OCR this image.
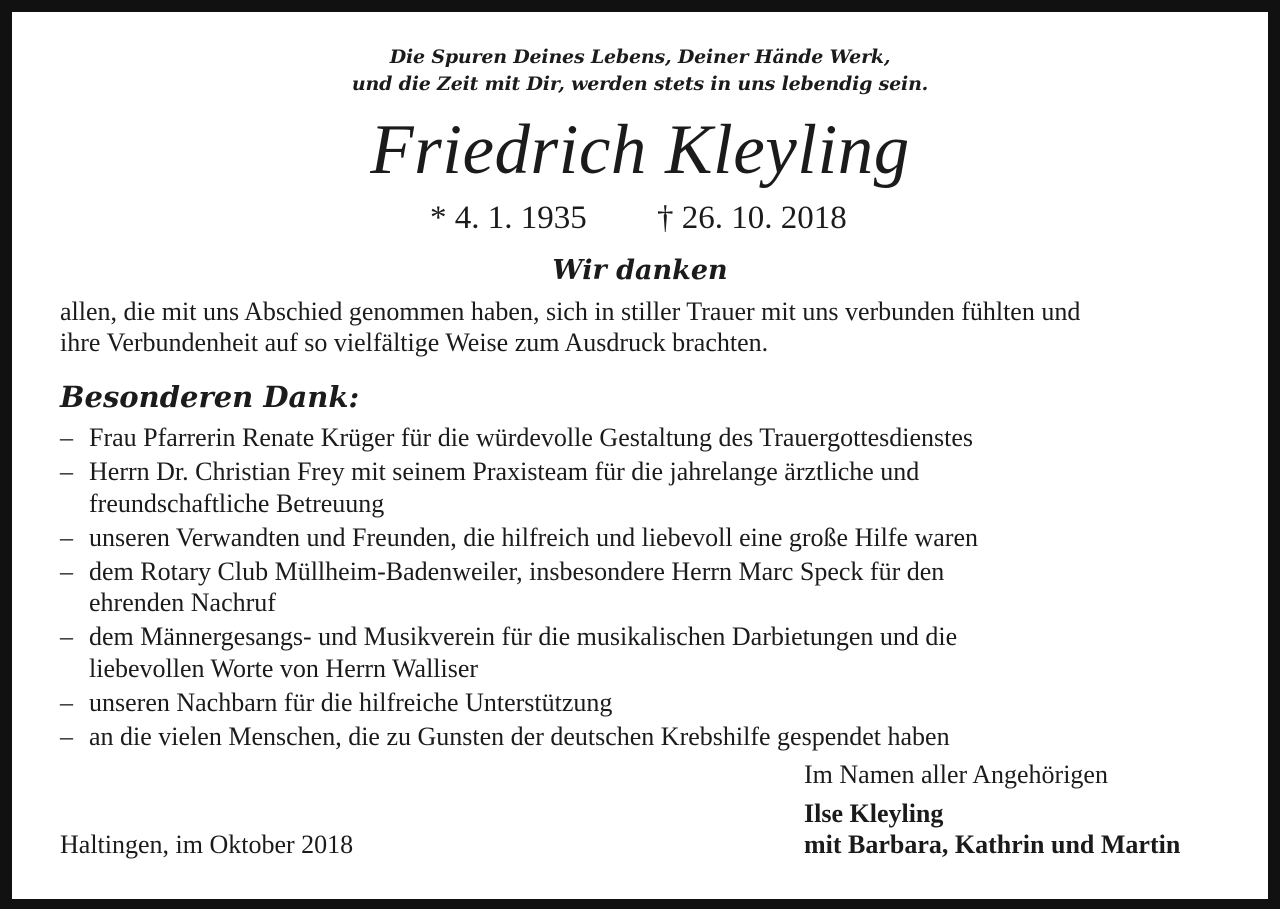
Die Spuren Deines Lebens, Deiner Hände Werk,
und die Zeit mit Dir, werden stets in uns lebendig sein.
Friedrich Kleyling
* 4. 1. 1935 † 26. 10. 2018
Wir danken
allen, die mit uns Abschied genommen haben, sich in stiller Trauer mit uns verbunden fühlten und
ihre Verbundenheit auf so vielfältige Weise zum Ausdruck brachten.
Besonderen Dank:
– Frau Pfarrerin Renate Krüger für die würdevolle Gestaltung des Trauergottesdienstes
– Herrn Dr. Christian Frey mit seinem Praxisteam für die jahrelange ärztliche und
freundschaftliche Betreuung
– unseren Verwandten und Freunden, die hilfreich und liebevoll eine große Hilfe waren
– dem Rotary Club Müllheim-Badenweiler, insbesondere Herrn Marc Speck für den
ehrenden Nachruf
– dem Männergesangs- und Musikverein für die musikalischen Darbietungen und die
liebevollen Worte von Herrn Walliser
– unseren Nachbarn für die hilfreiche Unterstützung
– an die vielen Menschen, die zu Gunsten der deutschen Krebshilfe gespendet haben
Im Namen aller Angehörigen
Ilse Kleyling
mit Barbara, Kathrin und Martin
Haltingen, im Oktober 2018
